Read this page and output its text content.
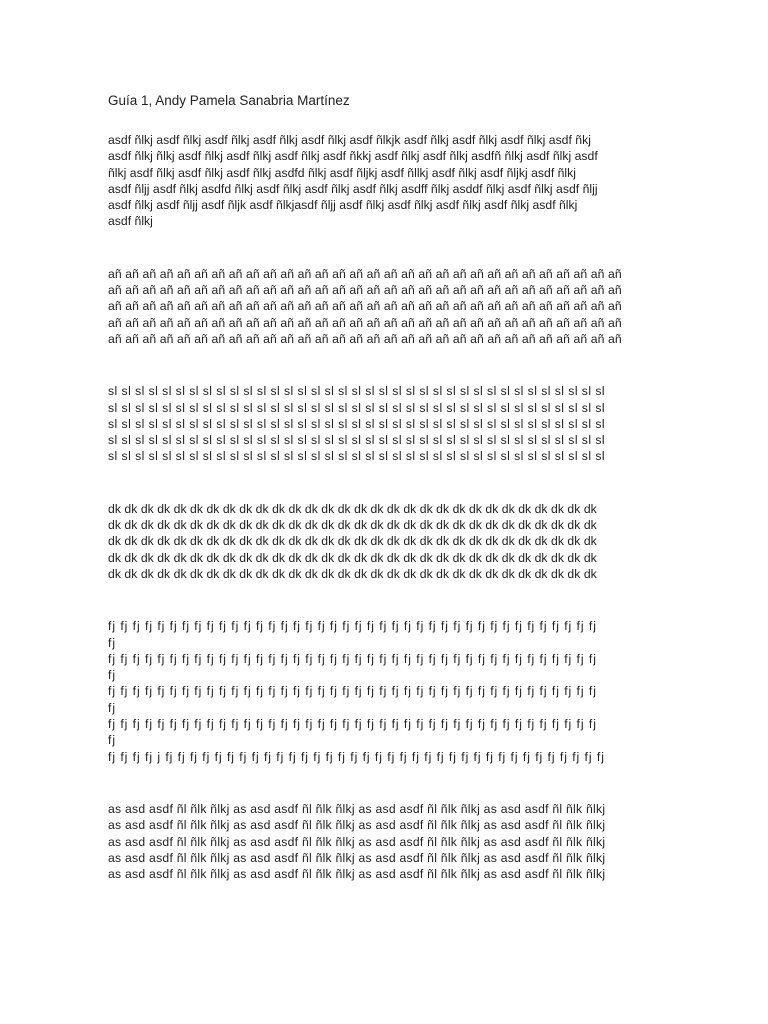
Guía 1, Andy Pamela Sanabria Martínez
asdf ñlkj asdf ñlkj asdf ñlkj asdf ñlkj asdf ñlkj asdf ñlkjk asdf ñlkj asdf ñlkj asdf ñlkj asdf ñkj
asdf ñlkj ñlkj asdf ñlkj asdf ñlkj asdf ñlkj asdf ñkkj asdf ñlkj asdf ñlkj asdfñ ñlkj asdf ñlkj asdf
ñlkj asdf ñlkj asdf ñlkj asdf ñlkj asdfd ñlkj asdf ñljkj asdf ñllkj asdf ñlkj asdf ñljkj asdf ñlkj
asdf ñljj asdf ñlkj asdfd ñlkj asdf ñlkj asdf ñlkj asdf ñlkj asdff ñlkj asddf ñlkj asdf ñlkj asdf ñljj
asdf ñlkj asdf ñljj asdf ñljk asdf ñlkjasdf ñljj asdf ñlkj asdf ñlkj asdf ñlkj asdf ñlkj asdf ñlkj
asdf ñlkj
añ añ añ añ añ añ añ añ añ añ añ añ añ añ añ añ añ añ añ añ añ añ añ añ añ añ añ añ añ añ
añ añ añ añ añ añ añ añ añ añ añ añ añ añ añ añ añ añ añ añ añ añ añ añ añ añ añ añ añ añ
añ añ añ añ añ añ añ añ añ añ añ añ añ añ añ añ añ añ añ añ añ añ añ añ añ añ añ añ añ añ
añ añ añ añ añ añ añ añ añ añ añ añ añ añ añ añ añ añ añ añ añ añ añ añ añ añ añ añ añ añ
añ añ añ añ añ añ añ añ añ añ añ añ añ añ añ añ añ añ añ añ añ añ añ añ añ añ añ añ añ añ
sl sl sl sl sl sl sl sl sl sl sl sl sl sl sl sl sl sl sl sl sl sl sl sl sl sl sl sl sl sl sl sl sl sl sl sl sl
sl sl sl sl sl sl sl sl sl sl sl sl sl sl sl sl sl sl sl sl sl sl sl sl sl sl sl sl sl sl sl sl sl sl sl sl sl
sl sl sl sl sl sl sl sl sl sl sl sl sl sl sl sl sl sl sl sl sl sl sl sl sl sl sl sl sl sl sl sl sl sl sl sl sl
sl sl sl sl sl sl sl sl sl sl sl sl sl sl sl sl sl sl sl sl sl sl sl sl sl sl sl sl sl sl sl sl sl sl sl sl sl
sl sl sl sl sl sl sl sl sl sl sl sl sl sl sl sl sl sl sl sl sl sl sl sl sl sl sl sl sl sl sl sl sl sl sl sl sl
dk dk dk dk dk dk dk dk dk dk dk dk dk dk dk dk dk dk dk dk dk dk dk dk dk dk dk dk dk dk
dk dk dk dk dk dk dk dk dk dk dk dk dk dk dk dk dk dk dk dk dk dk dk dk dk dk dk dk dk dk
dk dk dk dk dk dk dk dk dk dk dk dk dk dk dk dk dk dk dk dk dk dk dk dk dk dk dk dk dk dk
dk dk dk dk dk dk dk dk dk dk dk dk dk dk dk dk dk dk dk dk dk dk dk dk dk dk dk dk dk dk
dk dk dk dk dk dk dk dk dk dk dk dk dk dk dk dk dk dk dk dk dk dk dk dk dk dk dk dk dk dk
fj fj fj fj fj fj fj fj fj fj fj fj fj fj fj fj fj fj fj fj fj fj fj fj fj fj fj fj fj fj fj fj fj fj fj fj fj fj fj fj
fj
fj fj fj fj fj fj fj fj fj fj fj fj fj fj fj fj fj fj fj fj fj fj fj fj fj fj fj fj fj fj fj fj fj fj fj fj fj fj fj fj
fj
fj fj fj fj fj fj fj fj fj fj fj fj fj fj fj fj fj fj fj fj fj fj fj fj fj fj fj fj fj fj fj fj fj fj fj fj fj fj fj fj
fj
fj fj fj fj fj fj fj fj fj fj fj fj fj fj fj fj fj fj fj fj fj fj fj fj fj fj fj fj fj fj fj fj fj fj fj fj fj fj fj fj
fj
fj fj fj fj j fj fj fj fj fj fj fj fj fj fj fj fj fj fj fj fj fj fj fj fj fj fj fj fj fj fj fj fj fj fj fj fj fj fj fj fj
as asd asdf ñl ñlk ñlkj as asd asdf ñl ñlk ñlkj as asd asdf ñl ñlk ñlkj as asd asdf ñl ñlk ñlkj
as asd asdf ñl ñlk ñlkj as asd asdf ñl ñlk ñlkj as asd asdf ñl ñlk ñlkj as asd asdf ñl ñlk ñlkj
as asd asdf ñl ñlk ñlkj as asd asdf ñl ñlk ñlkj as asd asdf ñl ñlk ñlkj as asd asdf ñl ñlk ñlkj
as asd asdf ñl ñlk ñlkj as asd asdf ñl ñlk ñlkj as asd asdf ñl ñlk ñlkj as asd asdf ñl ñlk ñlkj
as asd asdf ñl ñlk ñlkj as asd asdf ñl ñlk ñlkj as asd asdf ñl ñlk ñlkj as asd asdf ñl ñlk ñlkj
